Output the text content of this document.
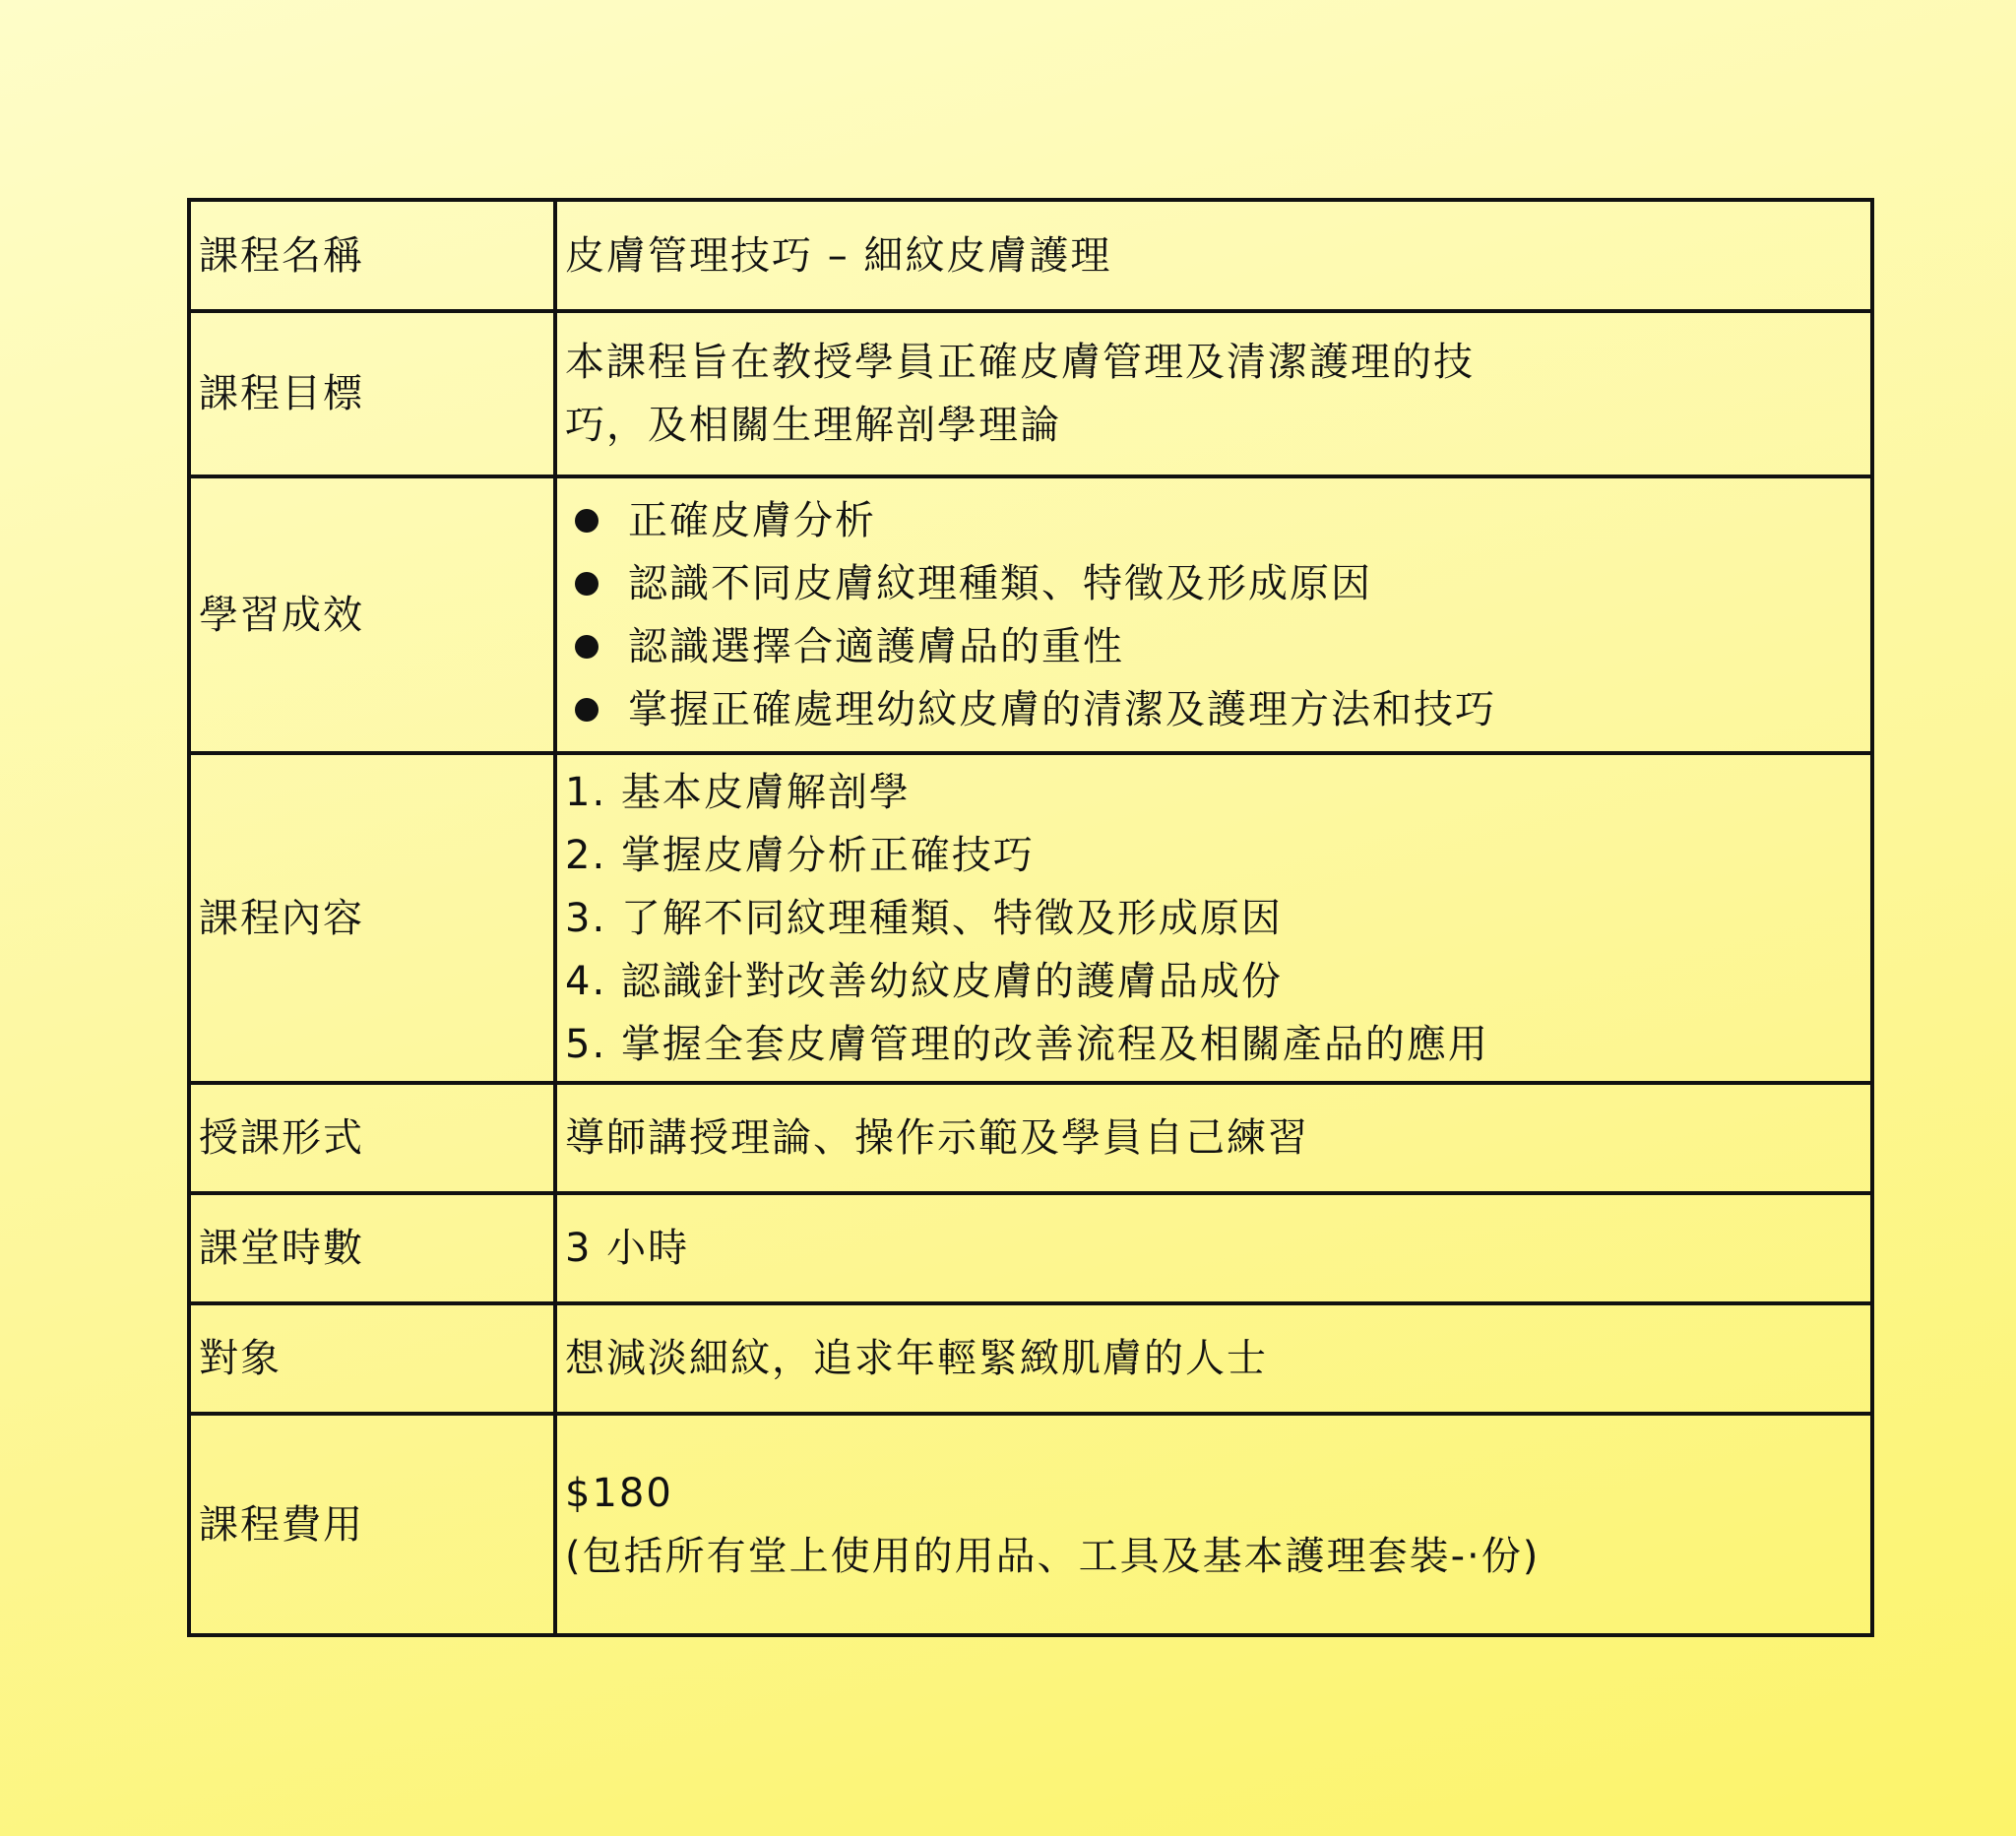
課程名稱	皮膚管理技巧 – 細紋皮膚護理
課程目標	本課程旨在教授學員正確皮膚管理及清潔護理的技
巧，及相關生理解剖學理論

學習成效	正確皮膚分析
認識不同皮膚紋理種類、特徵及形成原因
認識選擇合適護膚品的重性
掌握正確處理幼紋皮膚的清潔及護理方法和技巧

課程內容	1. 基本皮膚解剖學
2. 掌握皮膚分析正確技巧
3. 了解不同紋理種類、特徵及形成原因
4. 認識針對改善幼紋皮膚的護膚品成份
5. 掌握全套皮膚管理的改善流程及相關產品的應用

授課形式	導師講授理論、操作示範及學員自己練習
課堂時數	3 小時
對象	想減淡細紋，追求年輕緊緻肌膚的人士
課程費用	$180
(包括所有堂上使用的用品、工具及基本護理套裝-·份)
